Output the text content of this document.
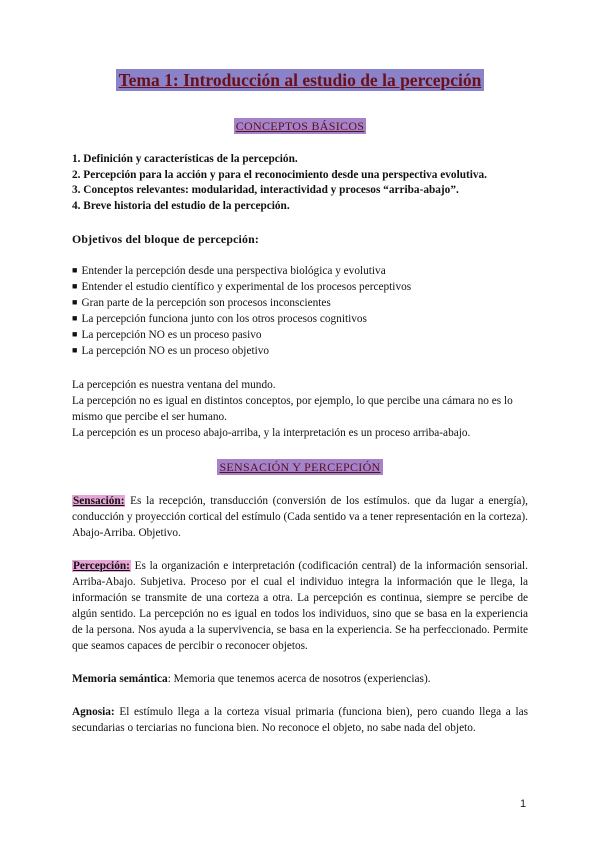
Tema 1: Introducción al estudio de la percepción
CONCEPTOS BÁSICOS
1. Definición y características de la percepción.
2. Percepción para la acción y para el reconocimiento desde una perspectiva evolutiva.
3. Conceptos relevantes: modularidad, interactividad y procesos “arriba-abajo”.
4. Breve historia del estudio de la percepción.

Objetivos del bloque de percepción:

■ Entender la percepción desde una perspectiva biológica y evolutiva
■ Entender el estudio científico y experimental de los procesos perceptivos
■ Gran parte de la percepción son procesos inconscientes
■ La percepción funciona junto con los otros procesos cognitivos
■ La percepción NO es un proceso pasivo
■ La percepción NO es un proceso objetivo

La percepción es nuestra ventana del mundo.

La percepción no es igual en distintos conceptos, por ejemplo, lo que percibe una cámara no es lo mismo que percibe el ser humano.

La percepción es un proceso abajo-arriba, y la interpretación es un proceso arriba-abajo.

SENSACIÓN Y PERCEPCIÓN

Sensación: Es la recepción, transducción (conversión de los estímulos. que da lugar a energía), conducción y proyección cortical del estímulo (Cada sentido va a tener representación en la corteza). Abajo-Arriba. Objetivo.

Percepción: Es la organización e interpretación (codificación central) de la información sensorial. Arriba-Abajo. Subjetiva. Proceso por el cual el individuo integra la información que le llega, la información se transmite de una corteza a otra. La percepción es continua, siempre se percibe de algún sentido. La percepción no es igual en todos los individuos, sino que se basa en la experiencia de la persona. Nos ayuda a la supervivencia, se basa en la experiencia. Se ha perfeccionado. Permite que seamos capaces de percibir o reconocer objetos.

Memoria semántica: Memoria que tenemos acerca de nosotros (experiencias).

Agnosia: El estímulo llega a la corteza visual primaria (funciona bien), pero cuando llega a las secundarias o terciarias no funciona bien. No reconoce el objeto, no sabe nada del objeto.

1
